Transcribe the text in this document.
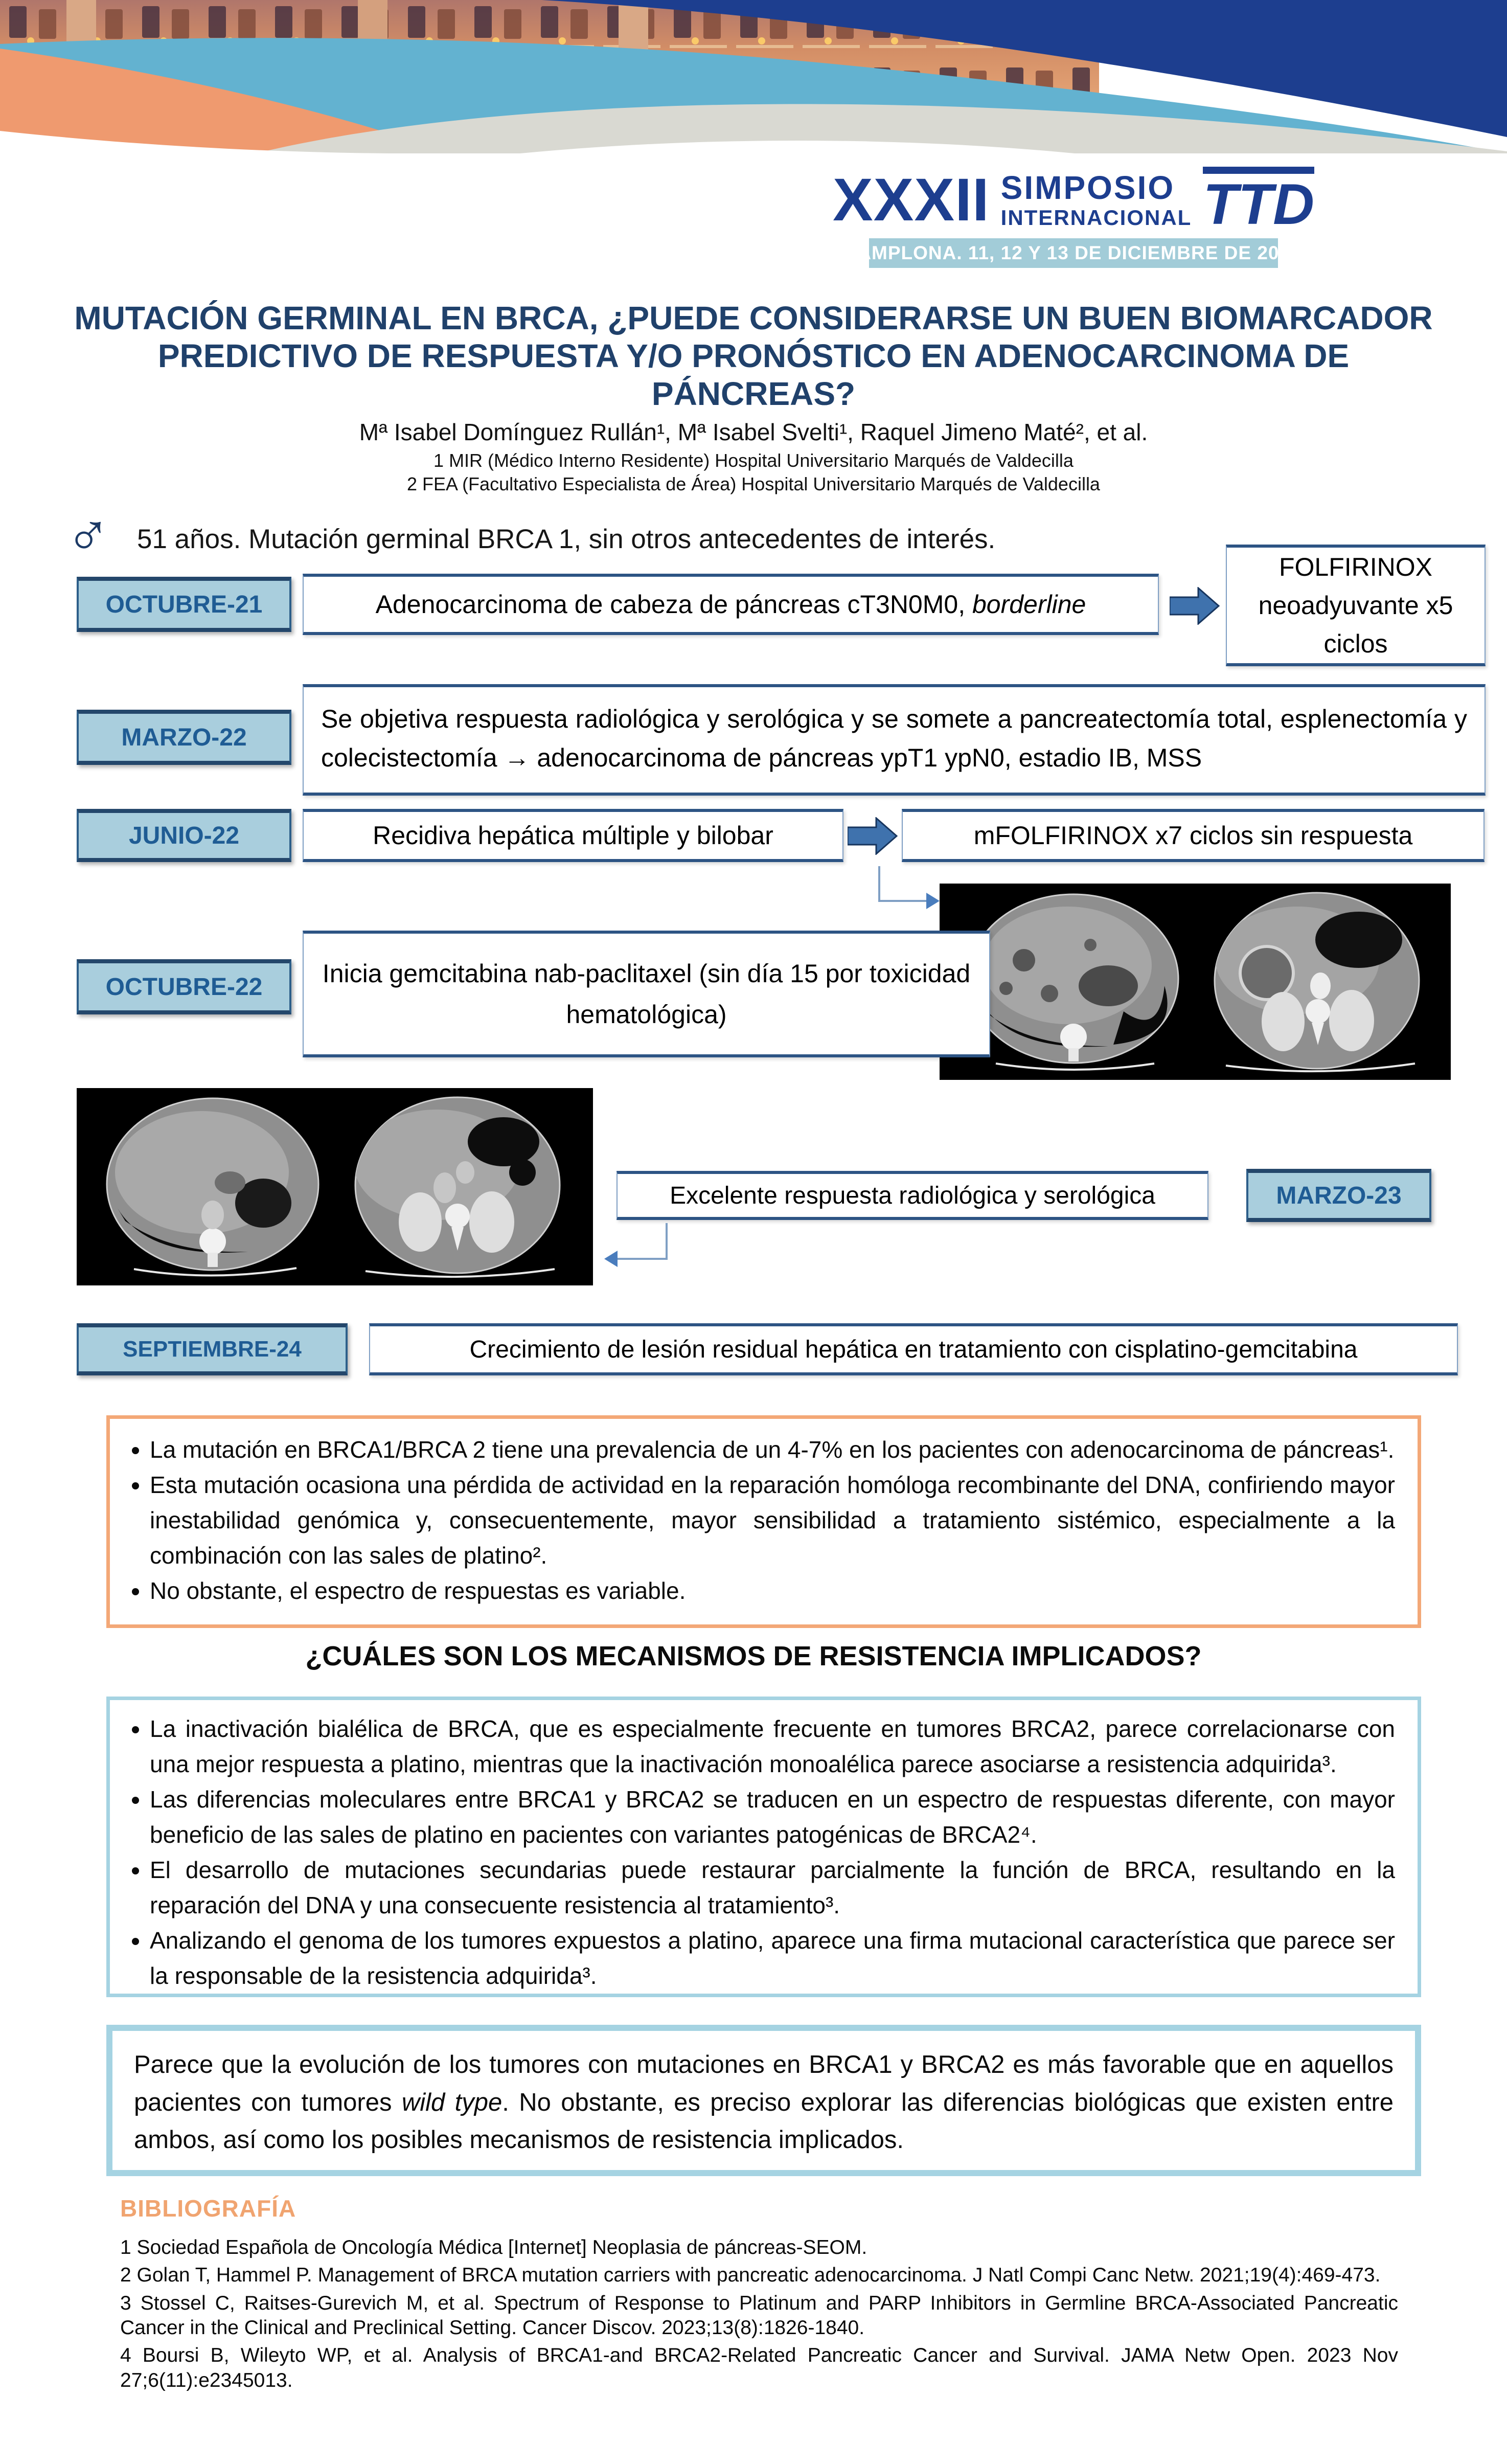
XXXII SIMPOSIO
INTERNACIONAL TTD
PAMPLONA. 11, 12 Y 13 DE DICIEMBRE DE 2024
MUTACIÓN GERMINAL EN BRCA, ¿PUEDE CONSIDERARSE UN BUEN BIOMARCADOR PREDICTIVO DE RESPUESTA Y/O PRONÓSTICO EN ADENOCARCINOMA DE PÁNCREAS?
Mª Isabel Domínguez Rullán¹, Mª Isabel Svelti¹, Raquel Jimeno Maté², et al.
1 MIR (Médico Interno Residente) Hospital Universitario Marqués de Valdecilla
2 FEA (Facultativo Especialista de Área) Hospital Universitario Marqués de Valdecilla
♂ 51 años. Mutación germinal BRCA 1, sin otros antecedentes de interés.
OCTUBRE-21	Adenocarcinoma de cabeza de páncreas cT3N0M0, borderline
FOLFIRINOX neoadyuvante x5 ciclos
MARZO-22
Se objetiva respuesta radiológica y serológica y se somete a pancreatectomía total, esplenectomía y colecistectomía → adenocarcinoma de páncreas ypT1 ypN0, estadio IB, MSS
JUNIO-22	Recidiva hepática múltiple y bilobar	mFOLFIRINOX x7 ciclos sin respuesta
OCTUBRE-22 Inicia gemcitabina nab-paclitaxel (sin día 15 por toxicidad hematológica)
Excelente respuesta radiológica y serológica	MARZO-23
SEPTIEMBRE-24	Crecimiento de lesión residual hepática en tratamiento con cisplatino-gemcitabina
• La mutación en BRCA1/BRCA 2 tiene una prevalencia de un 4-7% en los pacientes con adenocarcinoma de páncreas¹.
• Esta mutación ocasiona una pérdida de actividad en la reparación homóloga recombinante del DNA, confiriendo mayor inestabilidad genómica y, consecuentemente, mayor sensibilidad a tratamiento sistémico, especialmente a la combinación con las sales de platino².
• No obstante, el espectro de respuestas es variable.
¿CUÁLES SON LOS MECANISMOS DE RESISTENCIA IMPLICADOS?
• La inactivación bialélica de BRCA, que es especialmente frecuente en tumores BRCA2, parece correlacionarse con una mejor respuesta a platino, mientras que la inactivación monoalélica parece asociarse a resistencia adquirida³.
• Las diferencias moleculares entre BRCA1 y BRCA2 se traducen en un espectro de respuestas diferente, con mayor beneficio de las sales de platino en pacientes con variantes patogénicas de BRCA2⁴.
• El desarrollo de mutaciones secundarias puede restaurar parcialmente la función de BRCA, resultando en la reparación del DNA y una consecuente resistencia al tratamiento³.
• Analizando el genoma de los tumores expuestos a platino, aparece una firma mutacional característica que parece ser la responsable de la resistencia adquirida³.
Parece que la evolución de los tumores con mutaciones en BRCA1 y BRCA2 es más favorable que en aquellos pacientes con tumores wild type. No obstante, es preciso explorar las diferencias biológicas que existen entre ambos, así como los posibles mecanismos de resistencia implicados.
BIBLIOGRAFÍA

1 Sociedad Española de Oncología Médica [Internet] Neoplasia de páncreas-SEOM.

2 Golan T, Hammel P. Management of BRCA mutation carriers with pancreatic adenocarcinoma. J Natl Compi Canc Netw. 2021;19(4):469-473.

3 Stossel C, Raitses-Gurevich M, et al. Spectrum of Response to Platinum and PARP Inhibitors in Germline BRCA-Associated Pancreatic Cancer in the Clinical and Preclinical Setting. Cancer Discov. 2023;13(8):1826-1840.

4 Boursi B, Wileyto WP, et al. Analysis of BRCA1-and BRCA2-Related Pancreatic Cancer and Survival. JAMA Netw Open. 2023 Nov 27;6(11):e2345013.
